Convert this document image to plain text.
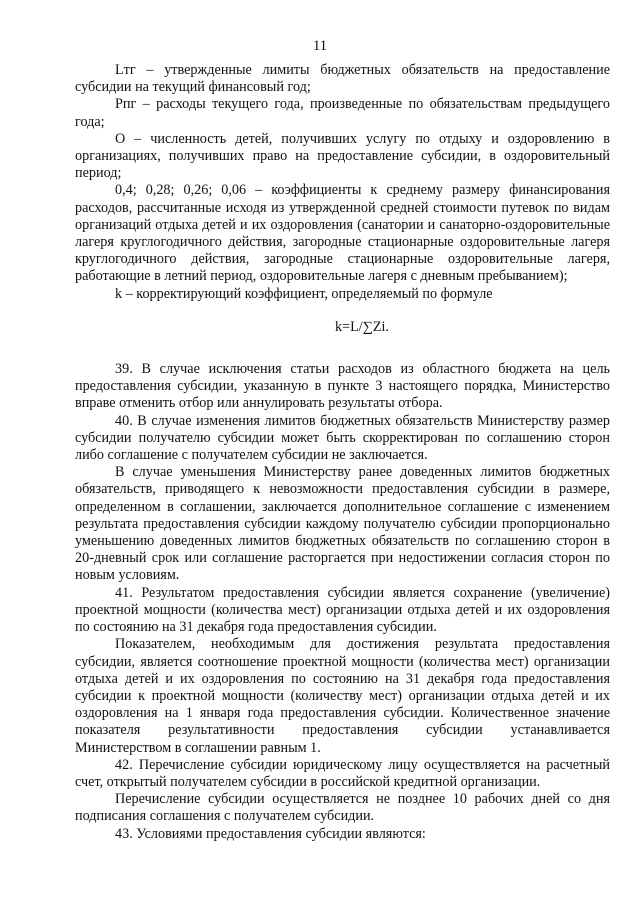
11

Lтг – утвержденные лимиты бюджетных обязательств на предоставление субсидии на текущий финансовый год;

Рпг – расходы текущего года, произведенные по обязательствам предыдущего года;

О – численность детей, получивших услугу по отдыху и оздоровлению в организациях, получивших право на предоставление субсидии, в оздоровительный период;

0,4; 0,28; 0,26; 0,06 – коэффициенты к среднему размеру финансирования расходов, рассчитанные исходя из утвержденной средней стоимости путевок по видам организаций отдыха детей и их оздоровления (санатории и санаторно-оздоровительные лагеря круглогодичного действия, загородные стационарные оздоровительные лагеря круглогодичного действия, загородные стационарные оздоровительные лагеря, работающие в летний период, оздоровительные лагеря с дневным пребыванием);

k – корректирующий коэффициент, определяемый по формуле

k=L/∑Zi.

39. В случае исключения статьи расходов из областного бюджета на цель предоставления субсидии, указанную в пункте 3 настоящего порядка, Министерство вправе отменить отбор или аннулировать результаты отбора.

40. В случае изменения лимитов бюджетных обязательств Министерству размер субсидии получателю субсидии может быть скорректирован по соглашению сторон либо соглашение с получателем субсидии не заключается.

В случае уменьшения Министерству ранее доведенных лимитов бюджетных обязательств, приводящего к невозможности предоставления субсидии в размере, определенном в соглашении, заключается дополнительное соглашение с изменением результата предоставления субсидии каждому получателю субсидии пропорционально уменьшению доведенных лимитов бюджетных обязательств по соглашению сторон в 20-дневный срок или соглашение расторгается при недостижении согласия сторон по новым условиям.

41. Результатом предоставления субсидии является сохранение (увеличение) проектной мощности (количества мест) организации отдыха детей и их оздоровления по состоянию на 31 декабря года предоставления субсидии.

Показателем, необходимым для достижения результата предоставления субсидии, является соотношение проектной мощности (количества мест) организации отдыха детей и их оздоровления по состоянию на 31 декабря года предоставления субсидии к проектной мощности (количеству мест) организации отдыха детей и их оздоровления на 1 января года предоставления субсидии. Количественное значение показателя результативности предоставления субсидии устанавливается Министерством в соглашении равным 1.

42. Перечисление субсидии юридическому лицу осуществляется на расчетный счет, открытый получателем субсидии в российской кредитной организации.

Перечисление субсидии осуществляется не позднее 10 рабочих дней со дня подписания соглашения с получателем субсидии.

43. Условиями предоставления субсидии являются:
